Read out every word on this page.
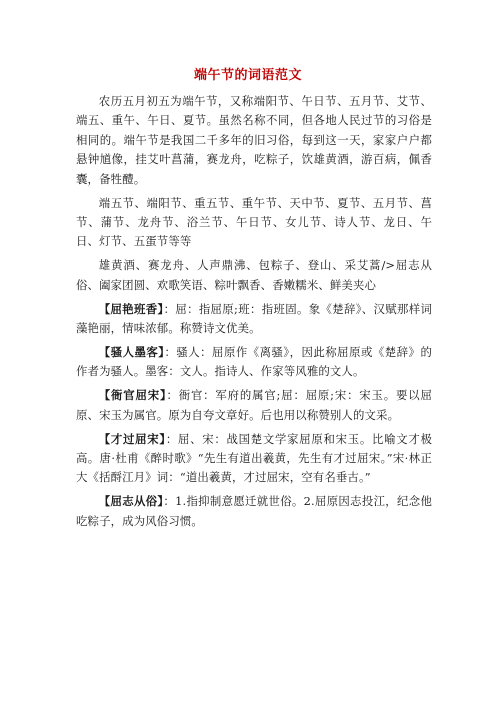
端午节的词语范文

农历五月初五为端午节，又称端阳节、午日节、五月节、艾节、端五、重午、午日、夏节。虽然名称不同，但各地人民过节的习俗是相同的。端午节是我国二千多年的旧习俗，每到这一天，家家户户都悬钟馗像，挂艾叶菖蒲，赛龙舟，吃粽子，饮雄黄酒，游百病，佩香囊，备牲醴。

端五节、端阳节、重五节、重午节、天中节、夏节、五月节、菖节、蒲节、龙舟节、浴兰节、午日节、女儿节、诗人节、龙日、午日、灯节、五蛋节等等

雄黄酒、赛龙舟、人声鼎沸、包粽子、登山、采艾蒿/>屈志从俗、阖家团圆、欢歌笑语、粽叶飘香、香嫩糯米、鲜美夹心

【屈艳班香】：屈：指屈原;班：指班固。象《楚辞》、汉赋那样词藻艳丽，情味浓郁。称赞诗文优美。

【骚人墨客】：骚人：屈原作《离骚》，因此称屈原或《楚辞》的作者为骚人。墨客：文人。指诗人、作家等风雅的文人。

【衙官屈宋】：衙官：军府的属官;屈：屈原;宋：宋玉。要以屈原、宋玉为属官。原为自夸文章好。后也用以称赞别人的文采。

【才过屈宋】：屈、宋：战国楚文学家屈原和宋玉。比喻文才极高。唐·杜甫《醉时歌》“先生有道出羲黄，先生有才过屈宋。”宋·林正大《括酹江月》词：“道出羲黄，才过屈宋，空有名垂古。”

【屈志从俗】：1.指抑制意愿迁就世俗。2.屈原因志投江，纪念他吃粽子，成为风俗习惯。
